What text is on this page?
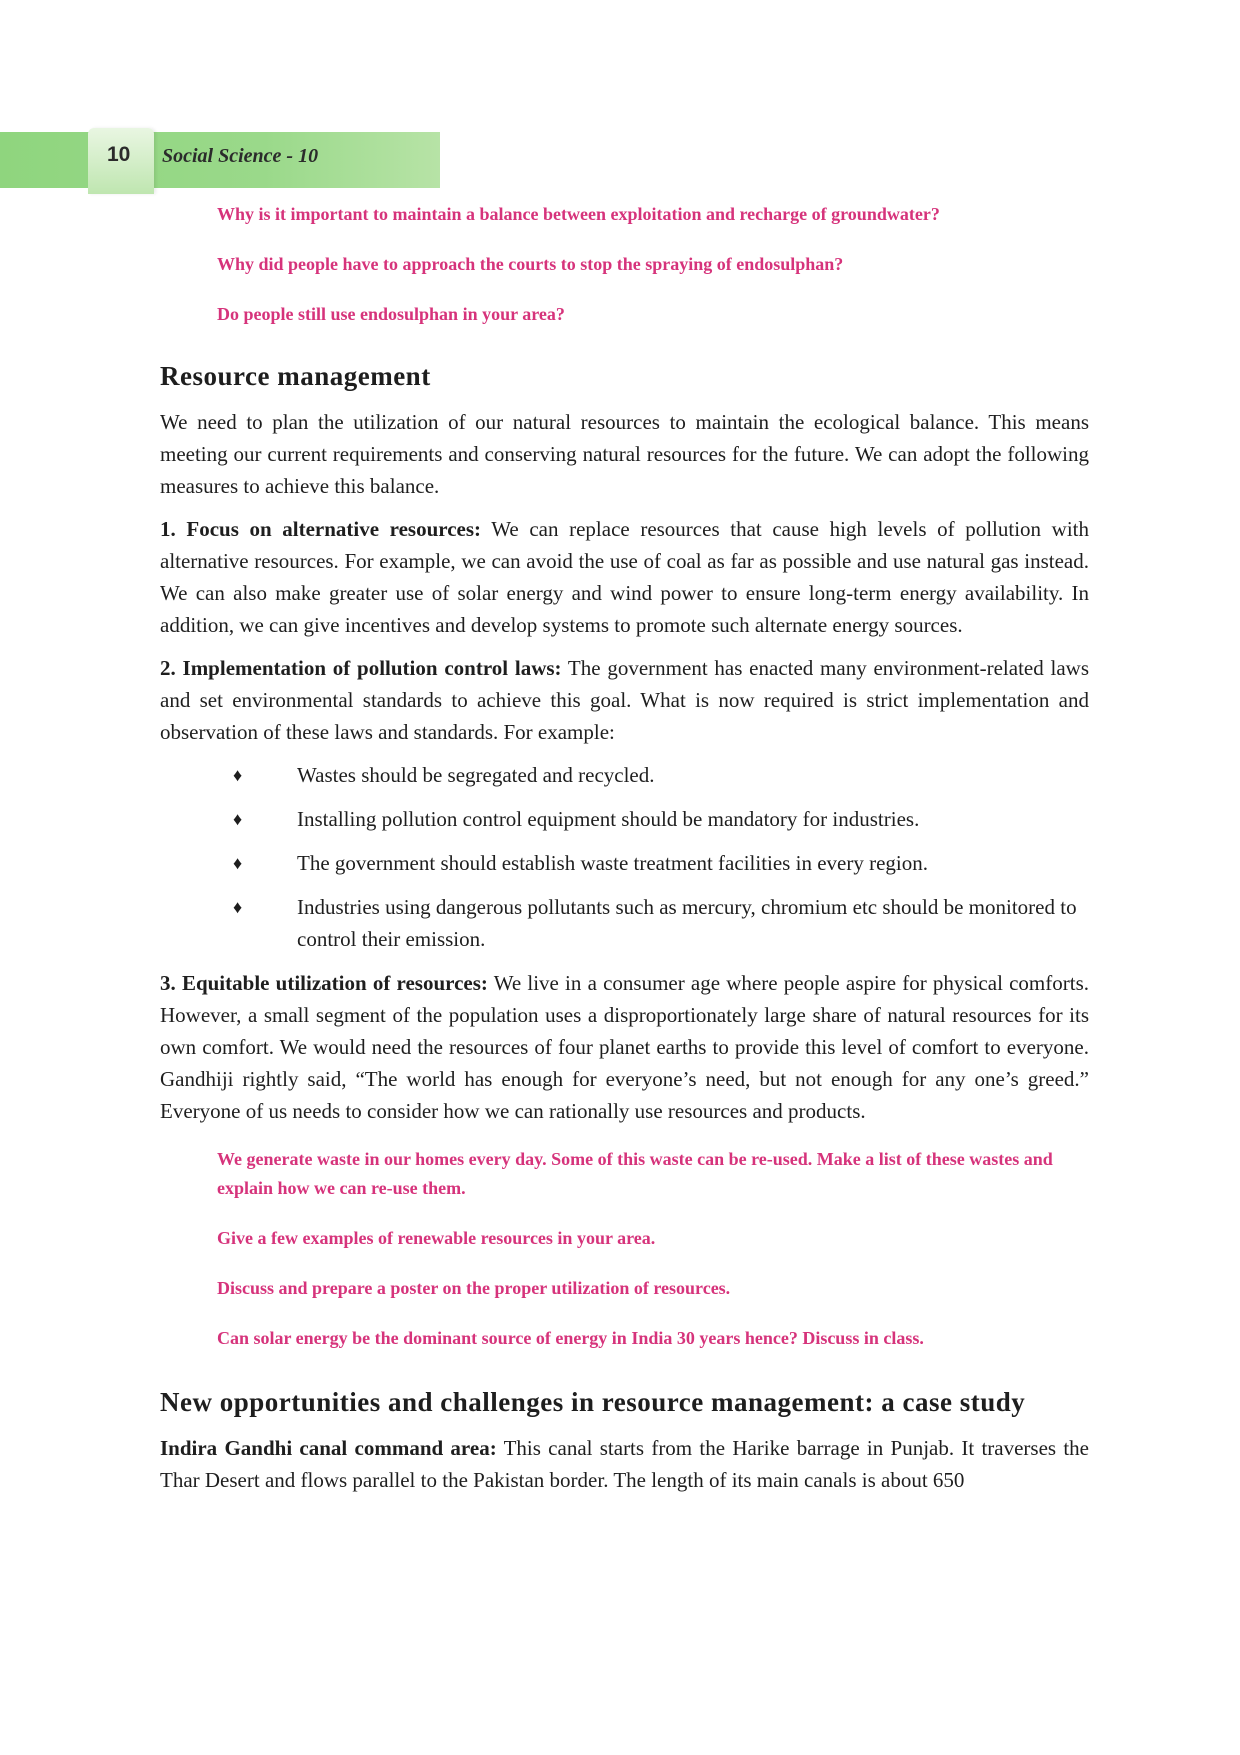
10 Social Science - 10
Why is it important to maintain a balance between exploitation and recharge of groundwater?
Why did people have to approach the courts to stop the spraying of endosulphan?
Do people still use endosulphan in your area?
Resource management

We need to plan the utilization of our natural resources to maintain the ecological balance. This means meeting our current requirements and conserving natural resources for the future. We can adopt the following measures to achieve this balance.

1. Focus on alternative resources: We can replace resources that cause high levels of pollution with alternative resources. For example, we can avoid the use of coal as far as possible and use natural gas instead. We can also make greater use of solar energy and wind power to ensure long-term energy availability. In addition, we can give incentives and develop systems to promote such alternate energy sources.

2. Implementation of pollution control laws: The government has enacted many environment-related laws and set environmental standards to achieve this goal. What is now required is strict implementation and observation of these laws and standards. For example:

♦	Wastes should be segregated and recycled.
♦	Installing pollution control equipment should be mandatory for industries.
♦	The government should establish waste treatment facilities in every region.
♦	Industries using dangerous pollutants such as mercury, chromium etc should be monitored to control their emission.

3. Equitable utilization of resources: We live in a consumer age where people aspire for physical comforts. However, a small segment of the population uses a disproportionately large share of natural resources for its own comfort. We would need the resources of four planet earths to provide this level of comfort to everyone. Gandhiji rightly said, “The world has enough for everyone’s need, but not enough for any one’s greed.” Everyone of us needs to consider how we can rationally use resources and products.

We generate waste in our homes every day. Some of this waste can be re-used. Make a list of these wastes and explain how we can re-use them.
Give a few examples of renewable resources in your area.
Discuss and prepare a poster on the proper utilization of resources.
Can solar energy be the dominant source of energy in India 30 years hence? Discuss in class.
New opportunities and challenges in resource management: a case study

Indira Gandhi canal command area: This canal starts from the Harike barrage in Punjab. It traverses the Thar Desert and flows parallel to the Pakistan border. The length of its main canals is about 650
